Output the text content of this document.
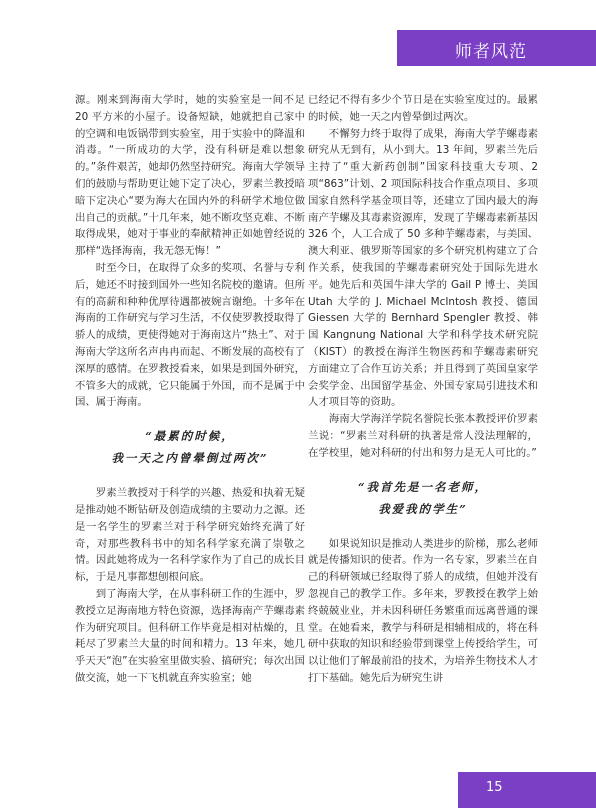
师者风范

源。刚来到海南大学时，她的实验室是一间不足 20 平方米的小屋子。设备短缺，她就把自己家中的空调和电饭锅带到实验室，用于实验中的降温和消毒。“一所成功的大学，没有科研是难以想象的。”条件艰苦，她却仍然坚持研究。海南大学领导们的鼓励与帮助更让她下定了决心，罗素兰教授暗暗下定决心“要为海大在国内外的科研学术地位做出自己的贡献。”十几年来，她不断攻坚克难、不断取得成果，她对于事业的奉献精神正如她曾经说的那样“选择海南，我无怨无悔！”

时至今日，在取得了众多的奖项、名誉与专利后，她还不时接到国外一些知名院校的邀请。但所有的高薪和种种优厚待遇都被婉言谢绝。十多年在海南的工作研究与学习生活，不仅使罗教授取得了骄人的成绩，更使得她对于海南这片“热土”、对于海南大学这所名声冉冉而起、不断发展的高校有了深厚的感情。在罗教授看来，如果是到国外研究，不管多大的成就，它只能属于外国，而不是属于中国、属于海南。

“最累的时候，
我一天之内曾晕倒过两次”

罗素兰教授对于科学的兴趣、热爱和执着无疑是推动她不断钻研及创造成绩的主要动力之源。还是一名学生的罗素兰对于科学研究始终充满了好奇，对那些教科书中的知名科学家充满了崇敬之情。因此她将成为一名科学家作为了自己的成长目标，于是凡事都想刨根问底。

到了海南大学，在从事科研工作的生涯中，罗教授立足海南地方特色资源，选择海南产芋螺毒素作为研究项目。但科研工作毕竟是相对枯燥的，且耗尽了罗素兰大量的时间和精力。13 年来，她几乎天天“泡”在实验室里做实验、搞研究；每次出国做交流，她一下飞机就直奔实验室；她

已经记不得有多少个节日是在实验室度过的。最累的时候，她一天之内曾晕倒过两次。

不懈努力终于取得了成果，海南大学芋螺毒素研究从无到有，从小到大。13 年间，罗素兰先后主持了“重大新药创制”国家科技重大专项、2 项“863”计划、2 项国际科技合作重点项目、多项国家自然科学基金项目等，还建立了国内最大的海南产芋螺及其毒素资源库，发现了芋螺毒素新基因 326 个，人工合成了 50 多种芋螺毒素，与美国、澳大利亚、俄罗斯等国家的多个研究机构建立了合作关系，使我国的芋螺毒素研究处于国际先进水平。她先后和英国牛津大学的 Gail P 博士、美国 Utah 大学的 J. Michael McIntosh 教授、德国 Giessen 大学的 Bernhard Spengler 教授、韩国 Kangnung National 大学和科学技术研究院（KIST）的教授在海洋生物医药和芋螺毒素研究方面建立了合作互访关系；并且得到了英国皇家学会奖学金、出国留学基金、外国专家局引进技术和人才项目等的资助。

海南大学海洋学院名誉院长张本教授评价罗素兰说：“罗素兰对科研的执著是常人没法理解的，在学校里，她对科研的付出和努力是无人可比的。”

“我首先是一名老师，
我爱我的学生”

如果说知识是推动人类进步的阶梯，那么老师就是传播知识的使者。作为一名专家，罗素兰在自己的科研领域已经取得了骄人的成绩，但她并没有忽视自己的教学工作。多年来，罗教授在教学上始终兢兢业业，并未因科研任务繁重而远离普通的课堂。在她看来，教学与科研是相辅相成的，将在科研中获取的知识和经验带到课堂上传授给学生，可以让他们了解最前沿的技术，为培养生物技术人才打下基础。她先后为研究生讲

15
